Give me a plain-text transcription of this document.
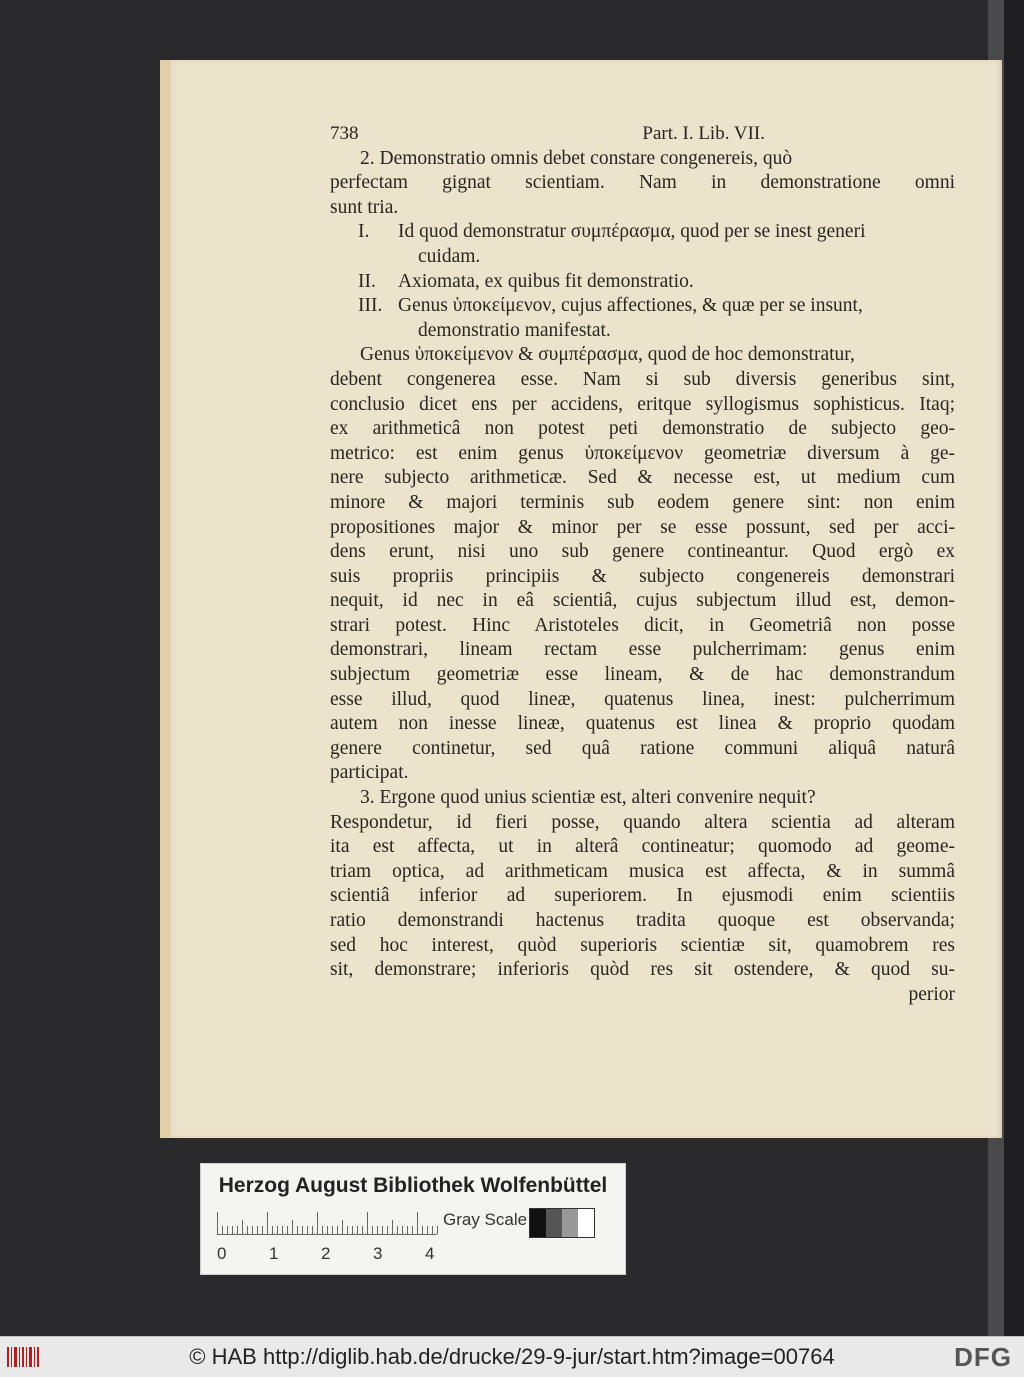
738	Part. I. Lib. VII.
2. Demonstratio omnis debet constare congenereis, quò
perfectam gignat scientiam. Nam in demonstratione omni
sunt tria.
I.	Id quod demonstratur συμπέρασμα, quod per se inest generi
cuidam.
II.	Axiomata, ex quibus fit demonstratio.
III. Genus ὑποκείμενον, cujus affectiones, & quæ per se insunt,
demonstratio manifestat.
Genus ὑποκείμενον & συμπέρασμα, quod de hoc demonstratur,
debent congenerea esse. Nam si sub diversis generibus sint,
conclusio dicet ens per accidens, eritque syllogismus sophisticus. Itaq;
ex arithmeticâ non potest peti demonstratio de subjecto geo-
metrico: est enim genus ὑποκείμενον geometriæ diversum à ge-
nere subjecto arithmeticæ. Sed & necesse est, ut medium cum
minore & majori terminis sub eodem genere sint: non enim
propositiones major & minor per se esse possunt, sed per acci-
dens erunt, nisi uno sub genere contineantur. Quod ergò ex
suis propriis principiis & subjecto congenereis demonstrari
nequit, id nec in eâ scientiâ, cujus subjectum illud est, demon-
strari potest. Hinc Aristoteles dicit, in Geometriâ non posse
demonstrari, lineam rectam esse pulcherrimam: genus enim
subjectum geometriæ esse lineam, & de hac demonstrandum
esse illud, quod lineæ, quatenus linea, inest: pulcherrimum
autem non inesse lineæ, quatenus est linea & proprio quodam
genere continetur, sed quâ ratione communi aliquâ naturâ
participat.
3. Ergone quod unius scientiæ est, alteri convenire nequit?
Respondetur, id fieri posse, quando altera scientia ad alteram
ita est affecta, ut in alterâ contineatur; quomodo ad geome-
triam optica, ad arithmeticam musica est affecta, & in summâ
scientiâ inferior ad superiorem. In ejusmodi enim scientiis
ratio demonstrandi hactenus tradita quoque est observanda;
sed hoc interest, quòd superioris scientiæ sit, quamobrem res
sit, demonstrare; inferioris quòd res sit ostendere, & quod su-
perior
Herzog August Bibliothek Wolfenbüttel
0	1	2	3	4
Gray Scale
© HAB http://diglib.hab.de/drucke/29-9-jur/start.htm?image=00764	DFG
